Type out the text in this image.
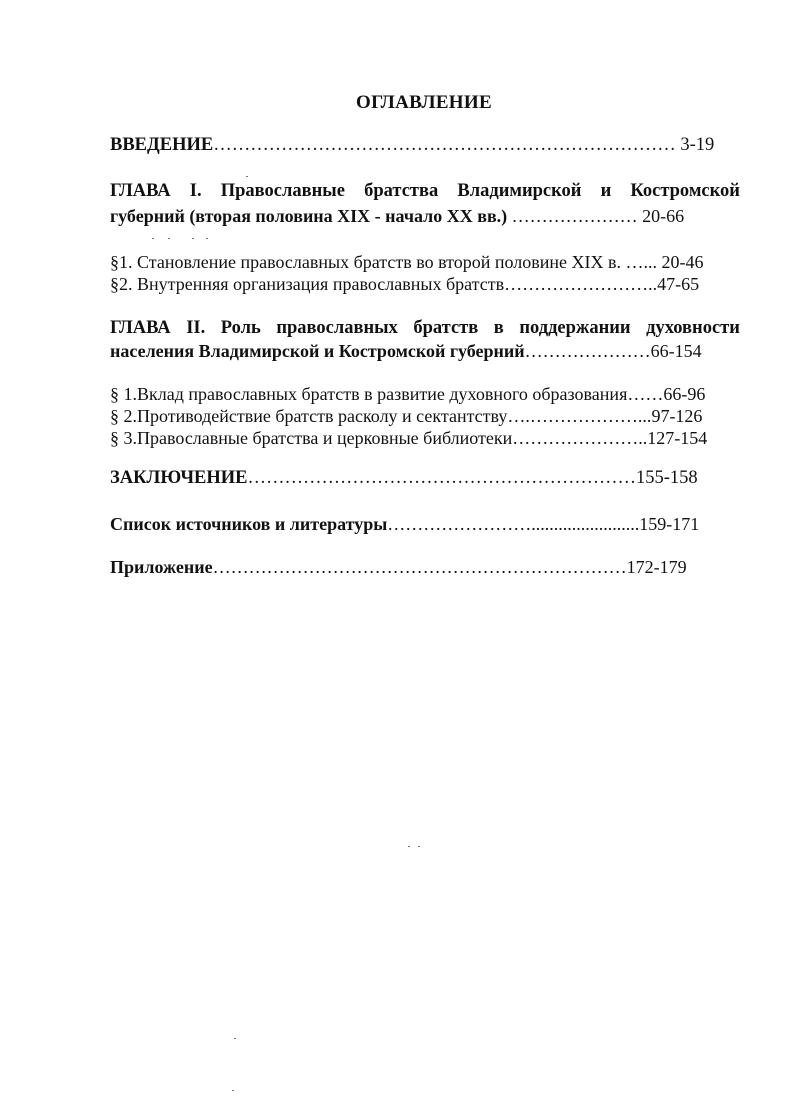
ОГЛАВЛЕНИЕ
ВВЕДЕНИЕ………………………………………………………………… 3-19
ГЛАВА I. Православные братства Владимирской и Костромской
губерний (вторая половина XIX - начало XX вв.) ………………… 20-66
§1. Становление православных братств во второй половине XIX в. …... 20-46
§2. Внутренняя организация православных братств……………………..47-65
ГЛАВА II. Роль православных братств в поддержании духовности
населения Владимирской и Костромской губерний…………………66-154
§ 1.Вклад православных братств в развитие духовного образования……66-96
§ 2.Противодействие братств расколу и сектантству….………………...97-126
§ 3.Православные братства и церковные библиотеки…………………..127-154
ЗАКЛЮЧЕНИЕ………………………………………………………155-158
Список источников и литературы……………………........................159-171
Приложение……………………………………………………………172-179
